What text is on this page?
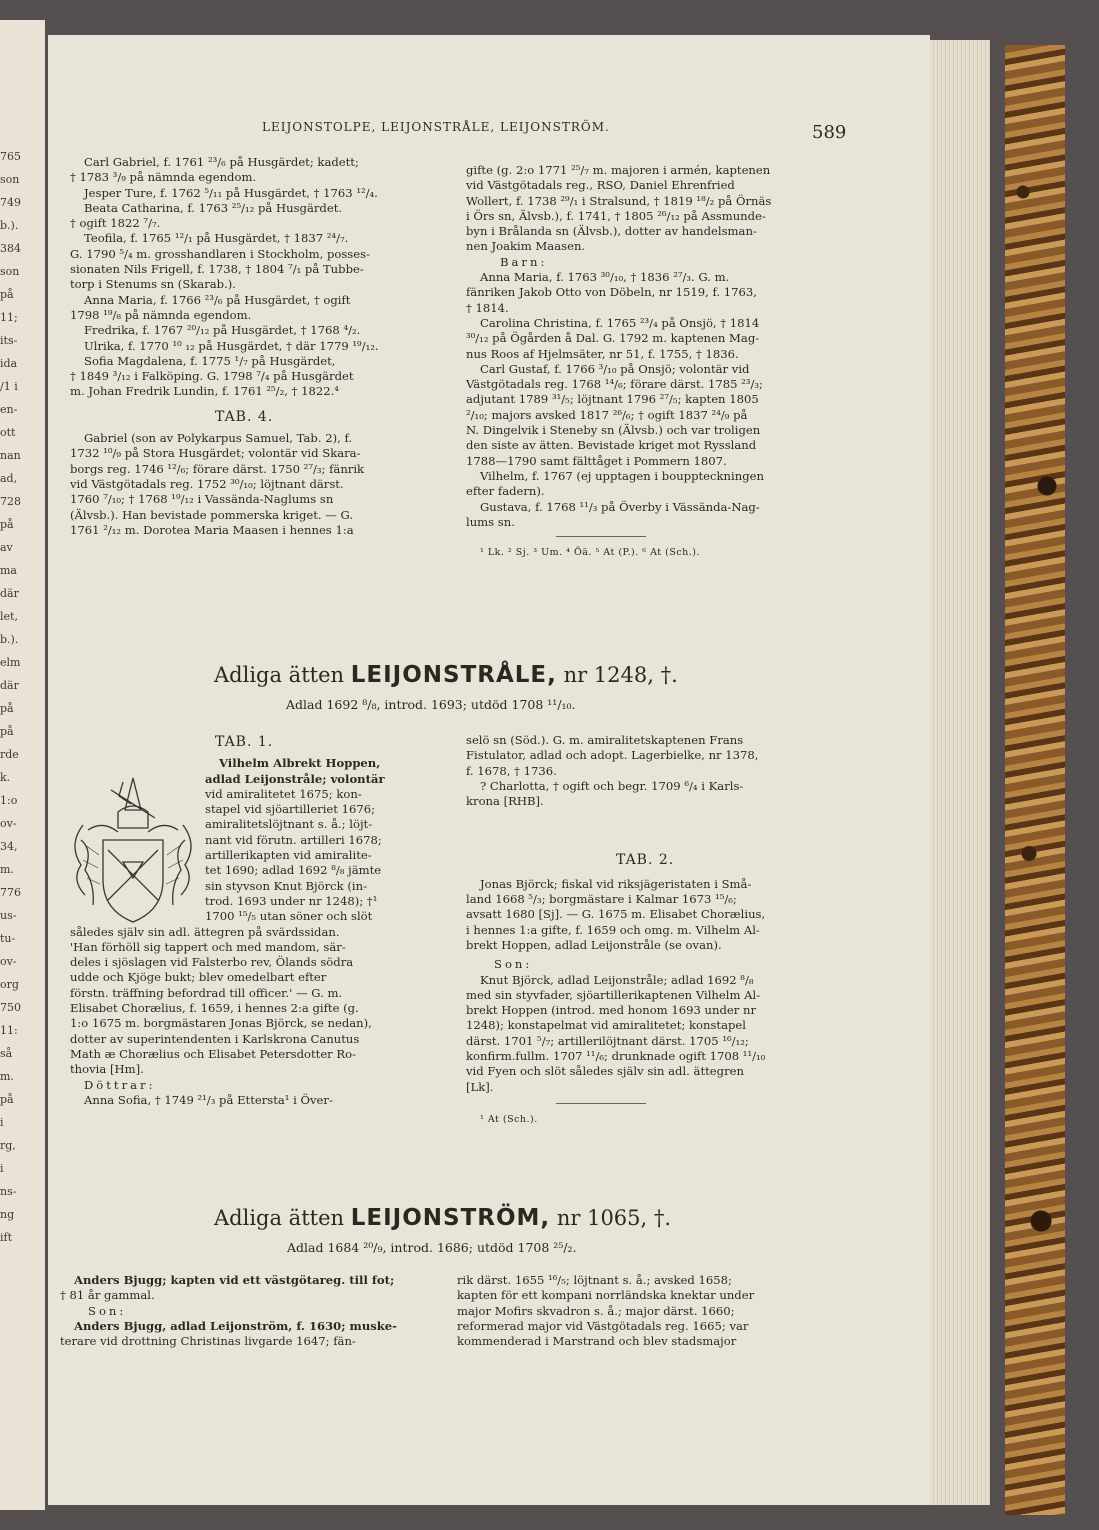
765
son
749
b.).
384
son
på
11;
its-
ida
/1 i
en-
ott
nan
ad,
728
på
av
ma
där
let,
b.).
elm
där
på
på
rde
k.
1:o
ov-
34,
m.
776
us-
tu-
ov-
org
750
11:
så
m.
på
i
rg,
i
ns-
ng
ift
LEIJONSTOLPE, LEIJONSTRÅLE, LEIJONSTRÖM.	589

Carl Gabriel, f. 1761 ²³/₆ på Husgärdet; kadett;

† 1783 ³/₉ på nämnda egendom.

Jesper Ture, f. 1762 ⁵/₁₁ på Husgärdet, † 1763 ¹²/₄.

Beata Catharina, f. 1763 ²⁵/₁₂ på Husgärdet.

† ogift 1822 ⁷/₇.

Teofila, f. 1765 ¹²/₁ på Husgärdet, † 1837 ²⁴/₇.

G. 1790 ⁵/₄ m. grosshandlaren i Stockholm, posses-

sionaten Nils Frigell, f. 1738, † 1804 ⁷/₁ på Tubbe-

torp i Stenums sn (Skarab.).

Anna Maria, f. 1766 ²³/₆ på Husgärdet, † ogift

1798 ¹⁹/₈ på nämnda egendom.

Fredrika, f. 1767 ²⁰/₁₂ på Husgärdet, † 1768 ⁴/₂.

Ulrika, f. 1770 ¹⁰ ₁₂ på Husgärdet, † där 1779 ¹⁹/₁₂.

Sofia Magdalena, f. 1775 ¹/₇ på Husgärdet,

† 1849 ³/₁₂ i Falköping. G. 1798 ⁷/₄ på Husgärdet

m. Johan Fredrik Lundin, f. 1761 ²⁵/₂, † 1822.⁴

TAB. 4.

Gabriel (son av Polykarpus Samuel, Tab. 2), f.

1732 ¹⁰/₉ på Stora Husgärdet; volontär vid Skara-

borgs reg. 1746 ¹²/₆; förare därst. 1750 ²⁷/₃; fänrik

vid Västgötadals reg. 1752 ³⁰/₁₀; löjtnant därst.

1760 ⁷/₁₀; † 1768 ¹⁹/₁₂ i Vassända-Naglums sn

(Älvsb.). Han bevistade pommerska kriget. — G.

1761 ²/₁₂ m. Dorotea Maria Maasen i hennes 1:a

gifte (g. 2:o 1771 ²⁵/₇ m. majoren i armén, kaptenen

vid Västgötadals reg., RSO, Daniel Ehrenfried

Wollert, f. 1738 ²⁹/₁ i Stralsund, † 1819 ¹⁸/₂ på Örnäs

i Örs sn, Älvsb.), f. 1741, † 1805 ²⁶/₁₂ på Assmunde-

byn i Brålanda sn (Älvsb.), dotter av handelsman-

nen Joakim Maasen.

Barn:

Anna Maria, f. 1763 ³⁰/₁₀, † 1836 ²⁷/₃. G. m.

fänriken Jakob Otto von Döbeln, nr 1519, f. 1763,

† 1814.

Carolina Christina, f. 1765 ²³/₄ på Onsjö, † 1814

³⁰/₁₂ på Ögården å Dal. G. 1792 m. kaptenen Mag-

nus Roos af Hjelmsäter, nr 51, f. 1755, † 1836.

Carl Gustaf, f. 1766 ³/₁₀ på Onsjö; volontär vid

Västgötadals reg. 1768 ¹⁴/₆; förare därst. 1785 ²³/₃;

adjutant 1789 ³¹/₅; löjtnant 1796 ²⁷/₅; kapten 1805

²/₁₀; majors avsked 1817 ²⁶/₆; † ogift 1837 ²⁴/₉ på

N. Dingelvik i Steneby sn (Älvsb.) och var troligen

den siste av ätten. Bevistade kriget mot Ryssland

1788—1790 samt fälttåget i Pommern 1807.

Vilhelm, f. 1767 (ej upptagen i bouppteckningen

efter fadern).

Gustava, f. 1768 ¹¹/₃ på Överby i Vässända-Nag-

lums sn.

¹ Lk. ² Sj. ³ Um. ⁴ Öä. ⁵ At (P.). ⁶ At (Sch.).

Adliga ätten LEIJONSTRÅLE, nr 1248, †.
Adlad 1692 ⁸/₈, introd. 1693; utdöd 1708 ¹¹/₁₀.

TAB. 1.

Vilhelm Albrekt Hoppen,

adlad Leijonstråle; volontär

vid amiralitetet 1675; kon-

stapel vid sjöartilleriet 1676;

amiralitetslöjtnant s. å.; löjt-

nant vid förutn. artilleri 1678;

artillerikapten vid amiralite-

tet 1690; adlad 1692 ⁸/₈ jämte

sin styvson Knut Björck (in-

trod. 1693 under nr 1248); †¹

1700 ¹⁵/₅ utan söner och slöt

således själv sin adl. ättegren på svärdssidan.

'Han förhöll sig tappert och med mandom, sär-

deles i sjöslagen vid Falsterbo rev, Ölands södra

udde och Kjöge bukt; blev omedelbart efter

förstn. träffning befordrad till officer.' — G. m.

Elisabet Chorælius, f. 1659, i hennes 2:a gifte (g.

1:o 1675 m. borgmästaren Jonas Björck, se nedan),

dotter av superintendenten i Karlskrona Canutus

Math æ Chorælius och Elisabet Petersdotter Ro-

thovia [Hm].

Döttrar:

Anna Sofia, † 1749 ²¹/₃ på Ettersta¹ i Över-

selö sn (Söd.). G. m. amiralitetskaptenen Frans

Fistulator, adlad och adopt. Lagerbielke, nr 1378,

f. 1678, † 1736.

? Charlotta, † ogift och begr. 1709 ⁶/₄ i Karls-

krona [RHB].

TAB. 2.

Jonas Björck; fiskal vid riksjägeristaten i Små-

land 1668 ⁵/₃; borgmästare i Kalmar 1673 ¹⁵/₆;

avsatt 1680 [Sj]. — G. 1675 m. Elisabet Chorælius,

i hennes 1:a gifte, f. 1659 och omg. m. Vilhelm Al-

brekt Hoppen, adlad Leijonstråle (se ovan).

Son:

Knut Björck, adlad Leijonstråle; adlad 1692 ⁸/₈

med sin styvfader, sjöartillerikaptenen Vilhelm Al-

brekt Hoppen (introd. med honom 1693 under nr

1248); konstapelmat vid amiralitetet; konstapel

därst. 1701 ⁵/₇; artillerilöjtnant därst. 1705 ¹⁶/₁₂;

konfirm.fullm. 1707 ¹¹/₆; drunknade ogift 1708 ¹¹/₁₀

vid Fyen och slöt således själv sin adl. ättegren

[Lk].

¹ At (Sch.).

Adliga ätten LEIJONSTRÖM, nr 1065, †.
Adlad 1684 ²⁰/₉, introd. 1686; utdöd 1708 ²⁵/₂.

Anders Bjugg; kapten vid ett västgötareg. till fot;

† 81 år gammal.

Son:

Anders Bjugg, adlad Leijonström, f. 1630; muske-

terare vid drottning Christinas livgarde 1647; fän-

rik därst. 1655 ¹⁶/₅; löjtnant s. å.; avsked 1658;

kapten för ett kompani norrländska knektar under

major Mofirs skvadron s. å.; major därst. 1660;

reformerad major vid Västgötadals reg. 1665; var

kommenderad i Marstrand och blev stadsmajor
